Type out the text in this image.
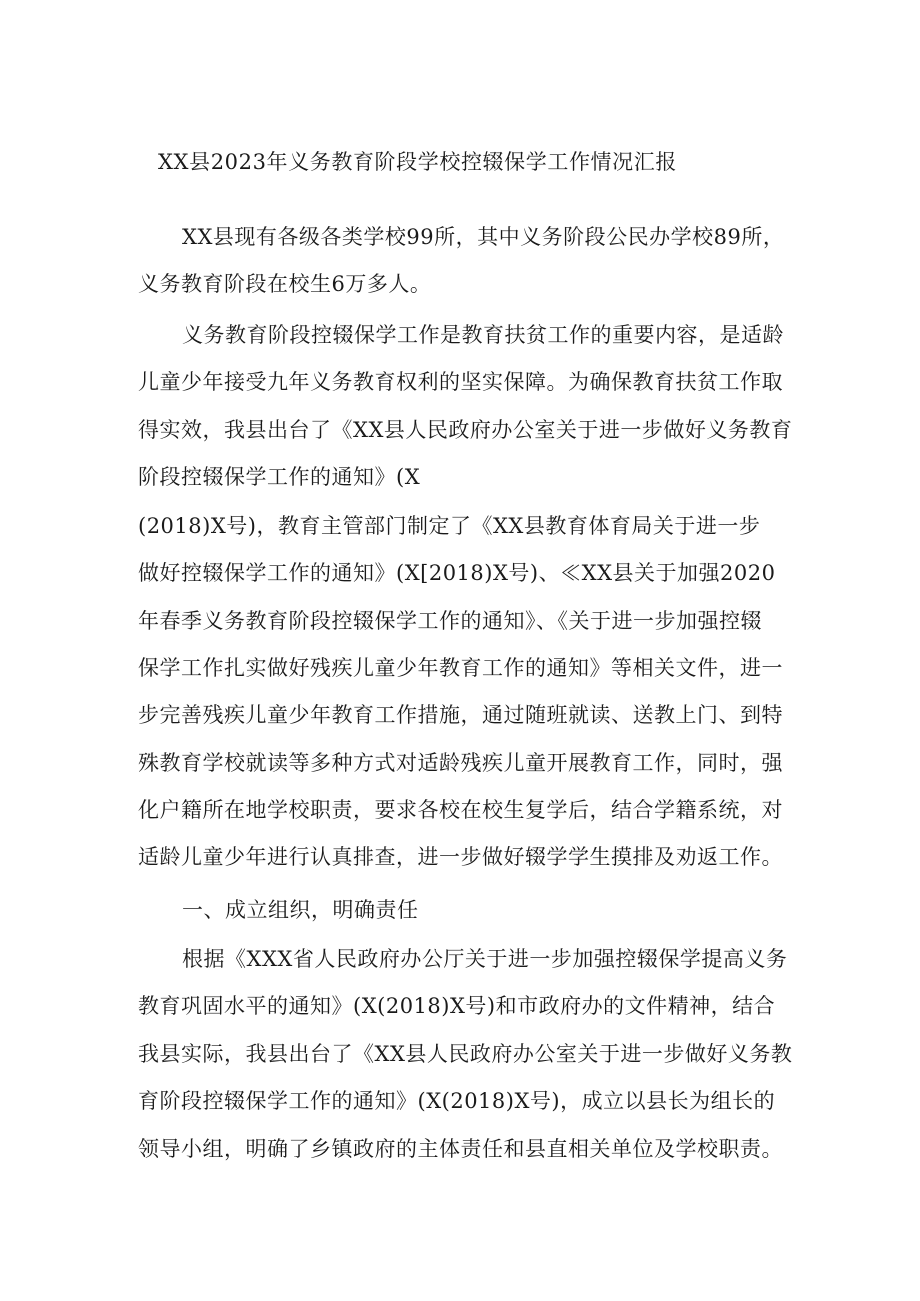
XX县2023年义务教育阶段学校控辍保学工作情况汇报
XX县现有各级各类学校99所，其中义务阶段公民办学校89所，
义务教育阶段在校生6万多人。
义务教育阶段控辍保学工作是教育扶贫工作的重要内容，是适龄
儿童少年接受九年义务教育权利的坚实保障。为确保教育扶贫工作取
得实效，我县出台了《XX县人民政府办公室关于进一步做好义务教育
阶段控辍保学工作的通知》(X
(2018)X号)，教育主管部门制定了《XX县教育体育局关于进一步
做好控辍保学工作的通知》(X[2018)X号)、≪XX县关于加强2020
年春季义务教育阶段控辍保学工作的通知》、《关于进一步加强控辍
保学工作扎实做好残疾儿童少年教育工作的通知》等相关文件，进一
步完善残疾儿童少年教育工作措施，通过随班就读、送教上门、到特
殊教育学校就读等多种方式对适龄残疾儿童开展教育工作，同时，强
化户籍所在地学校职责，要求各校在校生复学后，结合学籍系统，对
适龄儿童少年进行认真排查，进一步做好辍学学生摸排及劝返工作。
一、成立组织，明确责任
根据《XXX省人民政府办公厅关于进一步加强控辍保学提高义务
教育巩固水平的通知》(X(2018)X号)和市政府办的文件精神，结合
我县实际，我县出台了《XX县人民政府办公室关于进一步做好义务教
育阶段控辍保学工作的通知》(X(2018)X号)，成立以县长为组长的
领导小组，明确了乡镇政府的主体责任和县直相关单位及学校职责。
